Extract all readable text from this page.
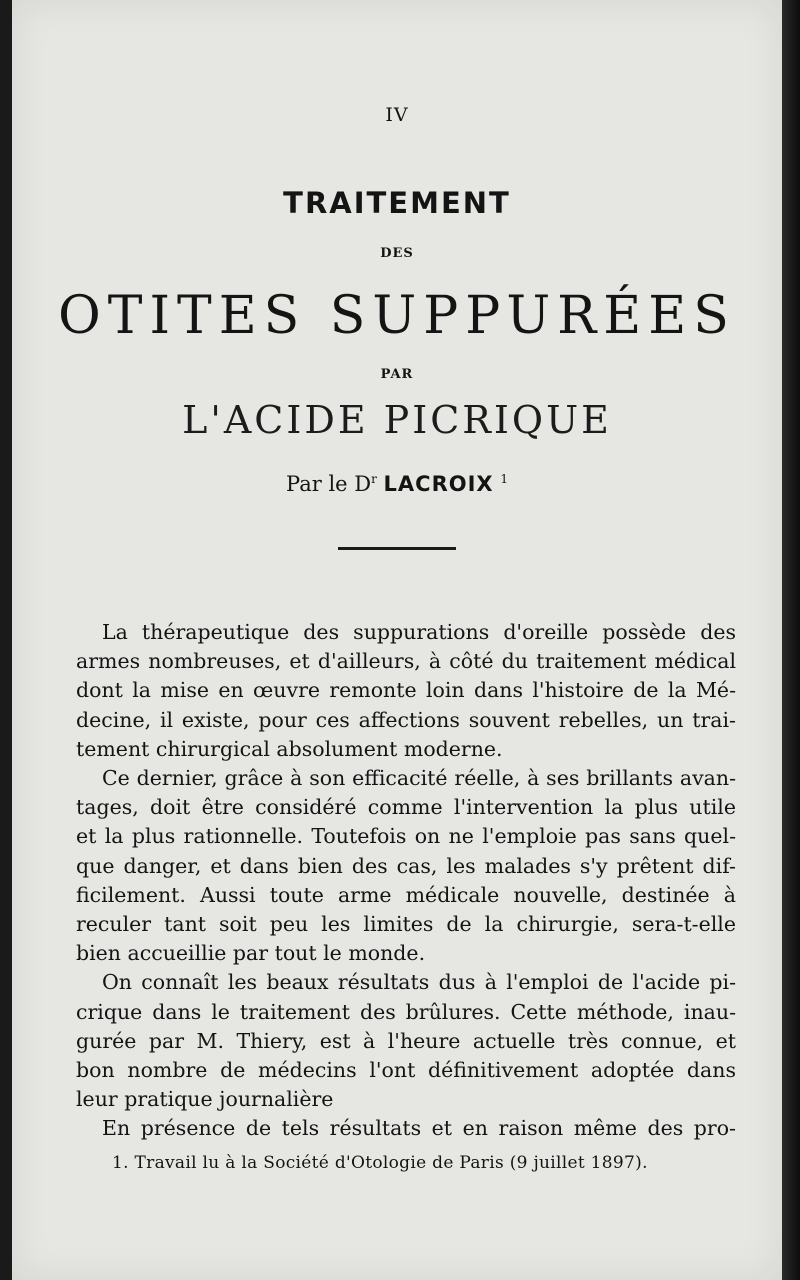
IV
TRAITEMENT
DES
OTITES SUPPURÉES
PAR
L'ACIDE PICRIQUE
Par le $D^r$ LACROIX $^1$

La thérapeutique des suppurations d'oreille possède des

armes nombreuses, et d'ailleurs, à côté du traitement médical

dont la mise en œuvre remonte loin dans l'histoire de la Mé-

decine, il existe, pour ces affections souvent rebelles, un trai-

tement chirurgical absolument moderne.

Ce dernier, grâce à son efficacité réelle, à ses brillants avan-

tages, doit être considéré comme l'intervention la plus utile

et la plus rationnelle. Toutefois on ne l'emploie pas sans quel-

que danger, et dans bien des cas, les malades s'y prêtent dif-

ficilement. Aussi toute arme médicale nouvelle, destinée à

reculer tant soit peu les limites de la chirurgie, sera-t-elle

bien accueillie par tout le monde.

On connaît les beaux résultats dus à l'emploi de l'acide pi-

crique dans le traitement des brûlures. Cette méthode, inau-

gurée par M. Thiery, est à l'heure actuelle très connue, et

bon nombre de médecins l'ont définitivement adoptée dans

leur pratique journalière

En présence de tels résultats et en raison même des pro-

1. Travail lu à la Société d'Otologie de Paris (9 juillet 1897).
